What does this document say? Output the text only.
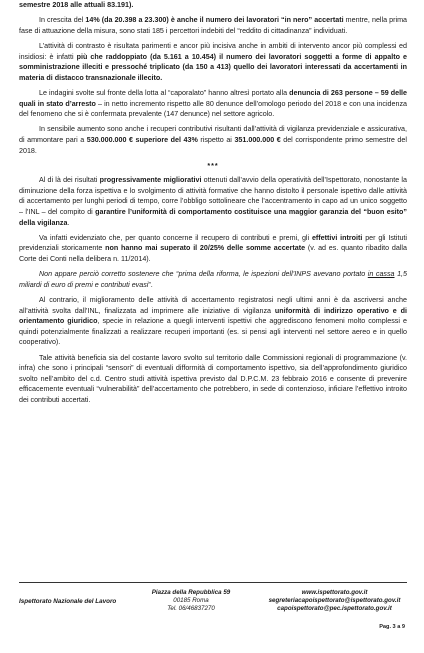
semestre 2018 alle attuali 83.191).

In crescita del 14% (da 20.398 a 23.300) è anche il numero dei lavoratori “in nero” accertati mentre, nella prima fase di attuazione della misura, sono stati 185 i percettori indebiti del “reddito di cittadinanza” individuati.

L’attività di contrasto è risultata parimenti e ancor più incisiva anche in ambiti di intervento ancor più complessi ed insidiosi: è infatti più che raddoppiato (da 5.161 a 10.454) il numero dei lavoratori soggetti a forme di appalto e somministrazione illeciti e pressoché triplicato (da 150 a 413) quello dei lavoratori interessati da accertamenti in materia di distacco transnazionale illecito.

Le indagini svolte sul fronte della lotta al “caporalato” hanno altresì portato alla denuncia di 263 persone – 59 delle quali in stato d’arresto – in netto incremento rispetto alle 80 denunce dell’omologo periodo del 2018 e con una incidenza del fenomeno che si è confermata prevalente (147 denunce) nel settore agricolo.

In sensibile aumento sono anche i recuperi contributivi risultanti dall’attività di vigilanza previdenziale e assicurativa, di ammontare pari a 530.000.000 € superiore del 43% rispetto ai 351.000.000 € del corrispondente primo semestre del 2018.

***

Al di là dei risultati progressivamente migliorativi ottenuti dall’avvio della operatività dell’Ispettorato, nonostante la diminuzione della forza ispettiva e lo svolgimento di attività formative che hanno distolto il personale ispettivo dalle attività di accertamento per lunghi periodi di tempo, corre l’obbligo sottolineare che l’accentramento in capo ad un unico soggetto – l’INL – del compito di garantire l’uniformità di comportamento costituisce una maggior garanzia del “buon esito” della vigilanza.

Va infatti evidenziato che, per quanto concerne il recupero di contributi e premi, gli effettivi introiti per gli Istituti previdenziali storicamente non hanno mai superato il 20/25% delle somme accertate (v. ad es. quanto ribadito dalla Corte dei Conti nella delibera n. 11/2014).

Non appare perciò corretto sostenere che “prima della riforma, le ispezioni dell’INPS avevano portato in cassa 1,5 miliardi di euro di premi e contributi evasi”.

Al contrario, il miglioramento delle attività di accertamento registratosi negli ultimi anni è da ascriversi anche all’attività svolta dall’INL, finalizzata ad imprimere alle iniziative di vigilanza uniformità di indirizzo operativo e di orientamento giuridico, specie in relazione a quegli interventi ispettivi che aggrediscono fenomeni molto complessi e quindi potenzialmente finalizzati a realizzare recuperi importanti (es. si pensi agli interventi nel settore aereo e in quello cooperativo).

Tale attività beneficia sia del costante lavoro svolto sul territorio dalle Commissioni regionali di programmazione (v. infra) che sono i principali “sensori” di eventuali difformità di comportamento ispettivo, sia dell’approfondimento giuridico svolto nell’ambito del c.d. Centro studi attività ispettiva previsto dal D.P.C.M. 23 febbraio 2016 e consente di prevenire efficacemente eventuali “vulnerabilità” dell’accertamento che potrebbero, in sede di contenzioso, inficiare l’effettivo introito dei contributi accertati.

Ispettorato Nazionale del Lavoro
Piazza della Repubblica 59
00185 Roma
Tel. 06/46837270
www.ispettorato.gov.it
segreteriacapoispettorato@ispettorato.gov.it
capoispettorato@pec.ispettorato.gov.it
Pag. 3 a 9
